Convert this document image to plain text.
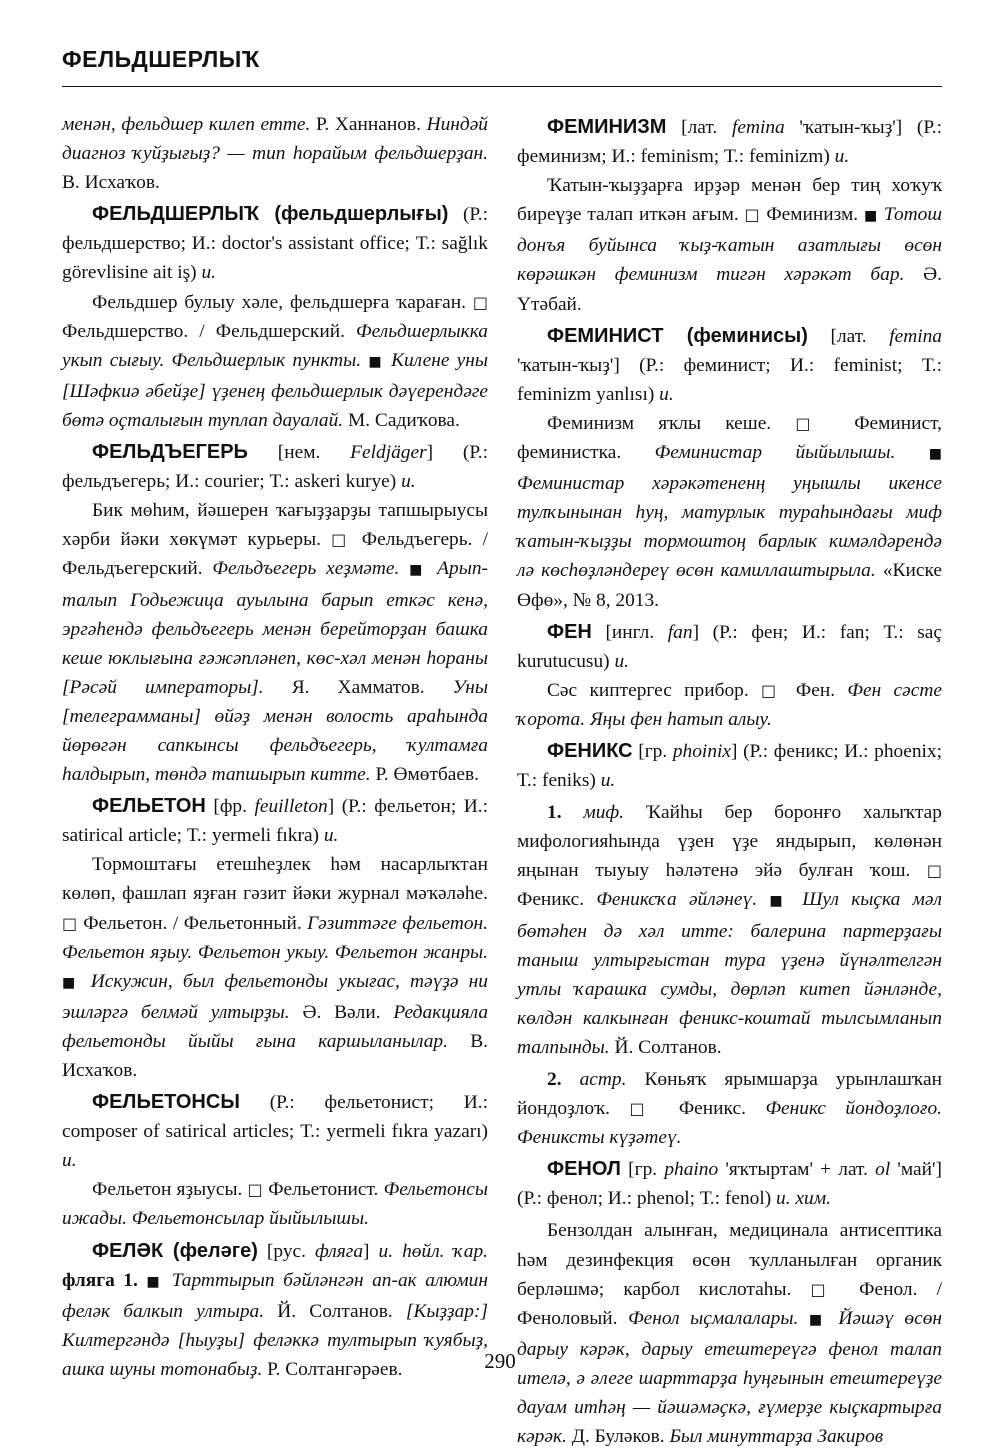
ФЕЛЬДШЕРЛЫҠ

менән, фельдшер килеп етте. Р. Ханнанов. Ниндәй диагноз ҡуйҙығыҙ? — тип һорайым фельдшерҙан. В. Исхаҡов.

ФЕЛЬДШЕРЛЫҠ (фельдшерлығы) (Р.: фельдшерство; И.: doctor's assistant office; Т.: sağlık görevlisine ait iş) и.

Фельдшер булыу хәле, фельдшерға ҡараған. □ Фельдшерство. / Фельдшерский. Фельдшерлыкка укып сығыу. Фельдшерлык пункты. ■ Килене уны [Шәфкиә әбейҙе] үҙенең фельдшерлык дәүерендәге бөтә оҫталығын туплап дауалай. М. Садиҡова.

ФЕЛЬДЪЕГЕРЬ [нем. Feldjäger] (Р.: фельдъегерь; И.: courier; Т.: askeri kurye) и.

Бик мөһим, йәшерен ҡағыҙҙарҙы тапшырыусы хәрби йәки хөкүмәт курьеры. □ Фельдъегерь. / Фельдъегерский. Фельдъегерь хеҙмәте. ■ Арып-талып Годьежица ауылына барып еткәс кенә, эргәһендә фельдъегерь менән берейторҙан башка кеше юклығына ғәжәпләнеп, көс-хәл менән һораны [Рәсәй императоры]. Я. Хамматов. Уны [телеграмманы] өйәҙ менән волость араһында йөрөгән сапкынсы фельдъегерь, ҡултамға һалдырып, төндә тапшырып китте. Р. Өмөтбаев.

ФЕЛЬЕТОН [фр. feuilleton] (Р.: фельетон; И.: satirical article; Т.: yermeli fıkra) и.

Тормоштағы етешһеҙлек һәм насарлыҡтан көлөп, фашлап яҙған гәзит йәки журнал мәҡәләһе. □ Фельетон. / Фельетонный. Гәзиттәге фельетон. Фельетон яҙыу. Фельетон укыу. Фельетон жанры. ■ Искужин, был фельетонды укығас, тәүҙә ни эшләргә белмәй ултырҙы. Ә. Вәли. Редакцияла фельетонды йыйы ғына каршыланылар. В. Исхаҡов.

ФЕЛЬЕТОНСЫ (Р.: фельетонист; И.: composer of satirical articles; Т.: yermeli fıkra yazarı) и.

Фельетон яҙыусы. □ Фельетонист. Фельетонсы ижады. Фельетонсылар йыйылышы.

ФЕЛӘК (феләге) [рус. фляга] и. һөйл. ҡар. фляга 1. ■ Тарттырып бәйләнгән ап-ак алюмин феләк балкып ултыра. Й. Солтанов. [Кыҙҙар:] Килтергәндә [һыуҙы] феләккә тултырып ҡуябыҙ, ашка шуны тотонабыҙ. Р. Солтангәрәев.

ФЕМИНИЗМ [лат. femina 'ҡатын-ҡыҙ'] (Р.: феминизм; И.: feminism; Т.: feminizm) и.

Ҡатын-ҡыҙҙарға ирҙәр менән бер тиң хоҡуҡ биреүҙе талап иткән ағым. □ Феминизм. ■ Тотош донъя буйынса ҡыҙ-ҡатын азатлығы өсөн көрәшкән феминизм тигән хәрәкәт бар. Ә. Үтәбай.

ФЕМИНИСТ (феминисы) [лат. femina 'ҡатын-ҡыҙ'] (Р.: феминист; И.: feminist; Т.: feminizm yanlısı) и.

Феминизм яҡлы кеше. □ Феминист, феминистка. Феминистар йыйылышы. ■ Феминистар хәрәкәтененң уңышлы икенсе тулҡынынан һуң, матурлык турaһындағы миф ҡатын-ҡыҙҙы тормоштоң барлык кимәлдәрендә лә көсһөҙләндереү өсөн камиллаштырыла. «Киске Өфө», № 8, 2013.

ФЕН [ингл. fan] (Р.: фен; И.: fan; Т.: saç kurutucusu) и.

Сәс киптергес прибор. □ Фен. Фен сәсте ҡорота. Яңы фен һатып алыу.

ФЕНИКС [гр. phoinix] (Р.: феникс; И.: phoenix; Т.: feniks) и.

1. миф. Ҡайһы бер боронғо халыҡтар мифологияһында үҙен үҙе яндырып, көлөнән яңынан тыуыу һәләтенә эйә булған ҡош. □ Феникс. Фениксҡа әйләнеү. ■ Шул кыҫка мәл бөтәһен дә хәл итте: балерина партерҙағы таныш ултырғыстан тура үҙенә йүнәлтелгән утлы ҡарашка сумды, дөрләп китеп йәнләнде, көлдән калкынған феникс-коштай тылсымланып талпынды. Й. Солтанов.

2. астр. Көньяҡ ярымшарҙа урынлашҡан йондоҙлоҡ. □ Феникс. Феникс йондоҙлоғо. Фениксты күҙәтеү.

ФЕНОЛ [гр. phaino 'яҡтыртам' + лат. ol 'май'] (Р.: фенол; И.: phenol; Т.: fenol) и. хим.

Бензолдан алынған, медицинала антисептика һәм дезинфекция өсөн ҡулланылған органик берләшмә; карбол кислотаһы. □ Фенол. / Феноловый. Фенол ыҫмалалары. ■ Йәшәү өсөн дарыу кәрәк, дарыу етештереүгә фенол талап ителә, ә әлеге шарттарҙа һуңғынын етештереүҙе дауам итһәң — йәшәмәҫкә, ғүмерҙе кыҫкартырға кәрәк. Д. Буләков. Был минуттарҙа Закиров

290
